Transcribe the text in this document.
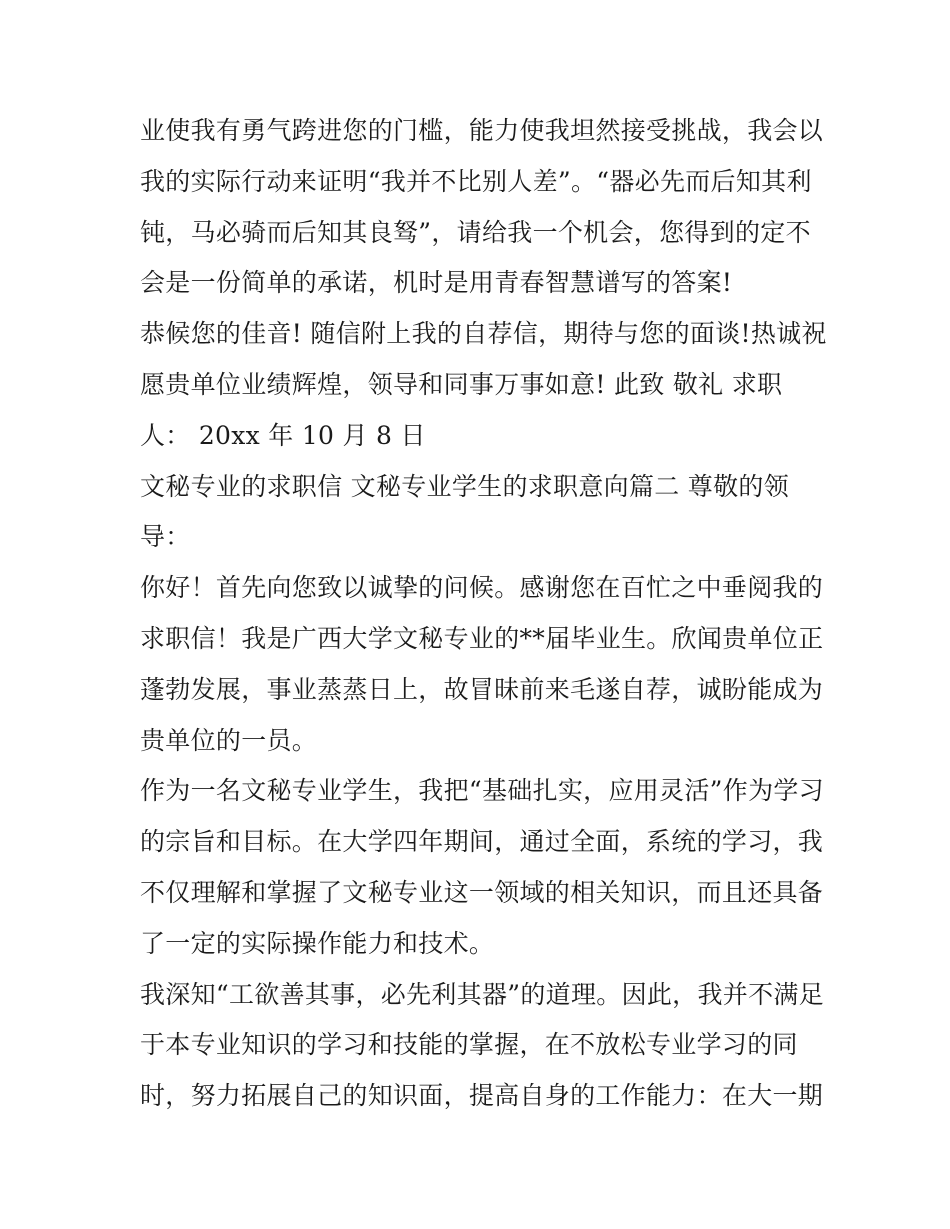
业使我有勇气跨进您的门槛，能力使我坦然接受挑战，我会以
我的实际行动来证明“我并不比别人差”。“器必先而后知其利
钝，马必骑而后知其良驽”，请给我一个机会，您得到的定不
会是一份简单的承诺，机时是用青春智慧谱写的答案!
恭候您的佳音! 随信附上我的自荐信，期待与您的面谈!热诚祝
愿贵单位业绩辉煌，领导和同事万事如意! 此致 敬礼 求职
人： 20xx 年 10 月 8 日
文秘专业的求职信 文秘专业学生的求职意向篇二 尊敬的领
导：
你好！首先向您致以诚挚的问候。感谢您在百忙之中垂阅我的
求职信！我是广西大学文秘专业的**届毕业生。欣闻贵单位正
蓬勃发展，事业蒸蒸日上，故冒昧前来毛遂自荐，诚盼能成为
贵单位的一员。
作为一名文秘专业学生，我把“基础扎实，应用灵活”作为学习
的宗旨和目标。在大学四年期间，通过全面，系统的学习，我
不仅理解和掌握了文秘专业这一领域的相关知识，而且还具备
了一定的实际操作能力和技术。
我深知“工欲善其事，必先利其器”的道理。因此，我并不满足
于本专业知识的学习和技能的掌握，在不放松专业学习的同
时，努力拓展自己的知识面，提高自身的工作能力：在大一期
